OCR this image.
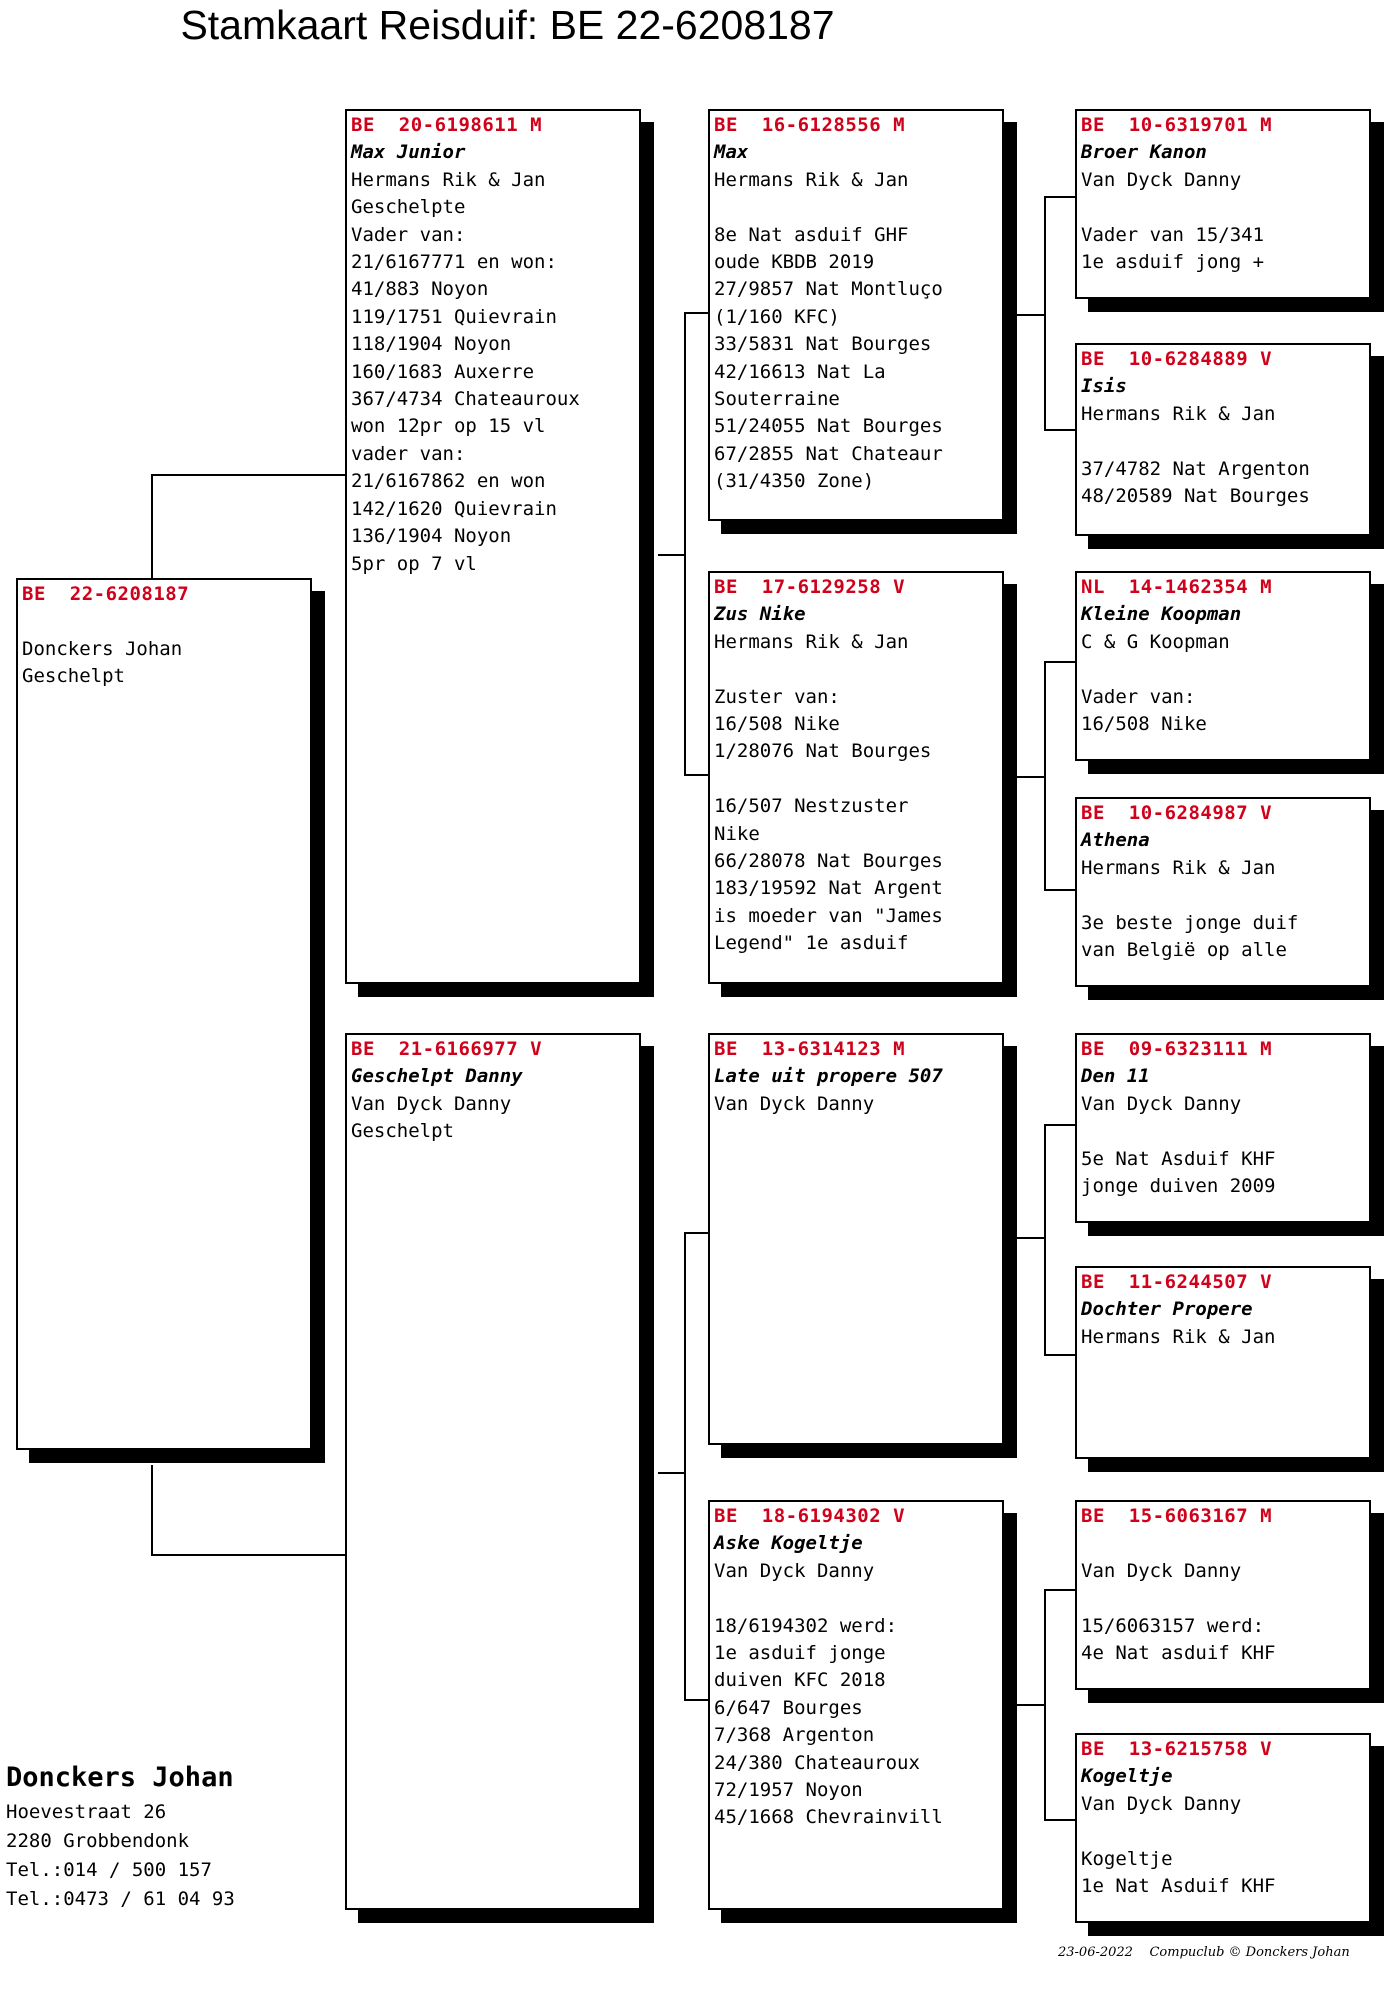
Stamkaart Reisduif: BE 22-6208187
BE  22-6208187
Donckers Johan
Geschelpt
BE  20-6198611 M
Max Junior
Hermans Rik & Jan
Geschelpte
Vader van:
21/6167771 en won:
41/883 Noyon
119/1751 Quievrain
118/1904 Noyon
160/1683 Auxerre
367/4734 Chateauroux
won 12pr op 15 vl
vader van:
21/6167862 en won
142/1620 Quievrain
136/1904 Noyon
5pr op 7 vl
BE  21-6166977 V
Geschelpt Danny
Van Dyck Danny
Geschelpt
BE  16-6128556 M
Max
Hermans Rik & Jan
8e Nat asduif GHF
oude KBDB 2019
27/9857 Nat Montluço
(1/160 KFC)
33/5831 Nat Bourges
42/16613 Nat La
Souterraine
51/24055 Nat Bourges
67/2855 Nat Chateaur
(31/4350 Zone)
BE  17-6129258 V
Zus Nike
Hermans Rik & Jan
Zuster van:
16/508 Nike
1/28076 Nat Bourges
16/507 Nestzuster
Nike
66/28078 Nat Bourges
183/19592 Nat Argent
is moeder van "James
Legend" 1e asduif
BE  13-6314123 M
Late uit propere 507
Van Dyck Danny
BE  18-6194302 V
Aske Kogeltje
Van Dyck Danny
18/6194302 werd:
1e asduif jonge
duiven KFC 2018
6/647 Bourges
7/368 Argenton
24/380 Chateauroux
72/1957 Noyon
45/1668 Chevrainvill
BE  10-6319701 M
Broer Kanon
Van Dyck Danny
Vader van 15/341
1e asduif jong +
BE  10-6284889 V
Isis
Hermans Rik & Jan
37/4782 Nat Argenton
48/20589 Nat Bourges
NL  14-1462354 M
Kleine Koopman
C & G Koopman
Vader van:
16/508 Nike
BE  10-6284987 V
Athena
Hermans Rik & Jan
3e beste jonge duif
van België op alle
BE  09-6323111 M
Den 11
Van Dyck Danny
5e Nat Asduif KHF
jonge duiven 2009
BE  11-6244507 V
Dochter Propere
Hermans Rik & Jan
BE  15-6063167 M
Van Dyck Danny
15/6063157 werd:
4e Nat asduif KHF
BE  13-6215758 V
Kogeltje
Van Dyck Danny
Kogeltje
1e Nat Asduif KHF
Donckers Johan
Hoevestraat 26
2280 Grobbendonk
Tel.:014 / 500 157
Tel.:0473 / 61 04 93
23-06-2022    Compuclub © Donckers Johan
